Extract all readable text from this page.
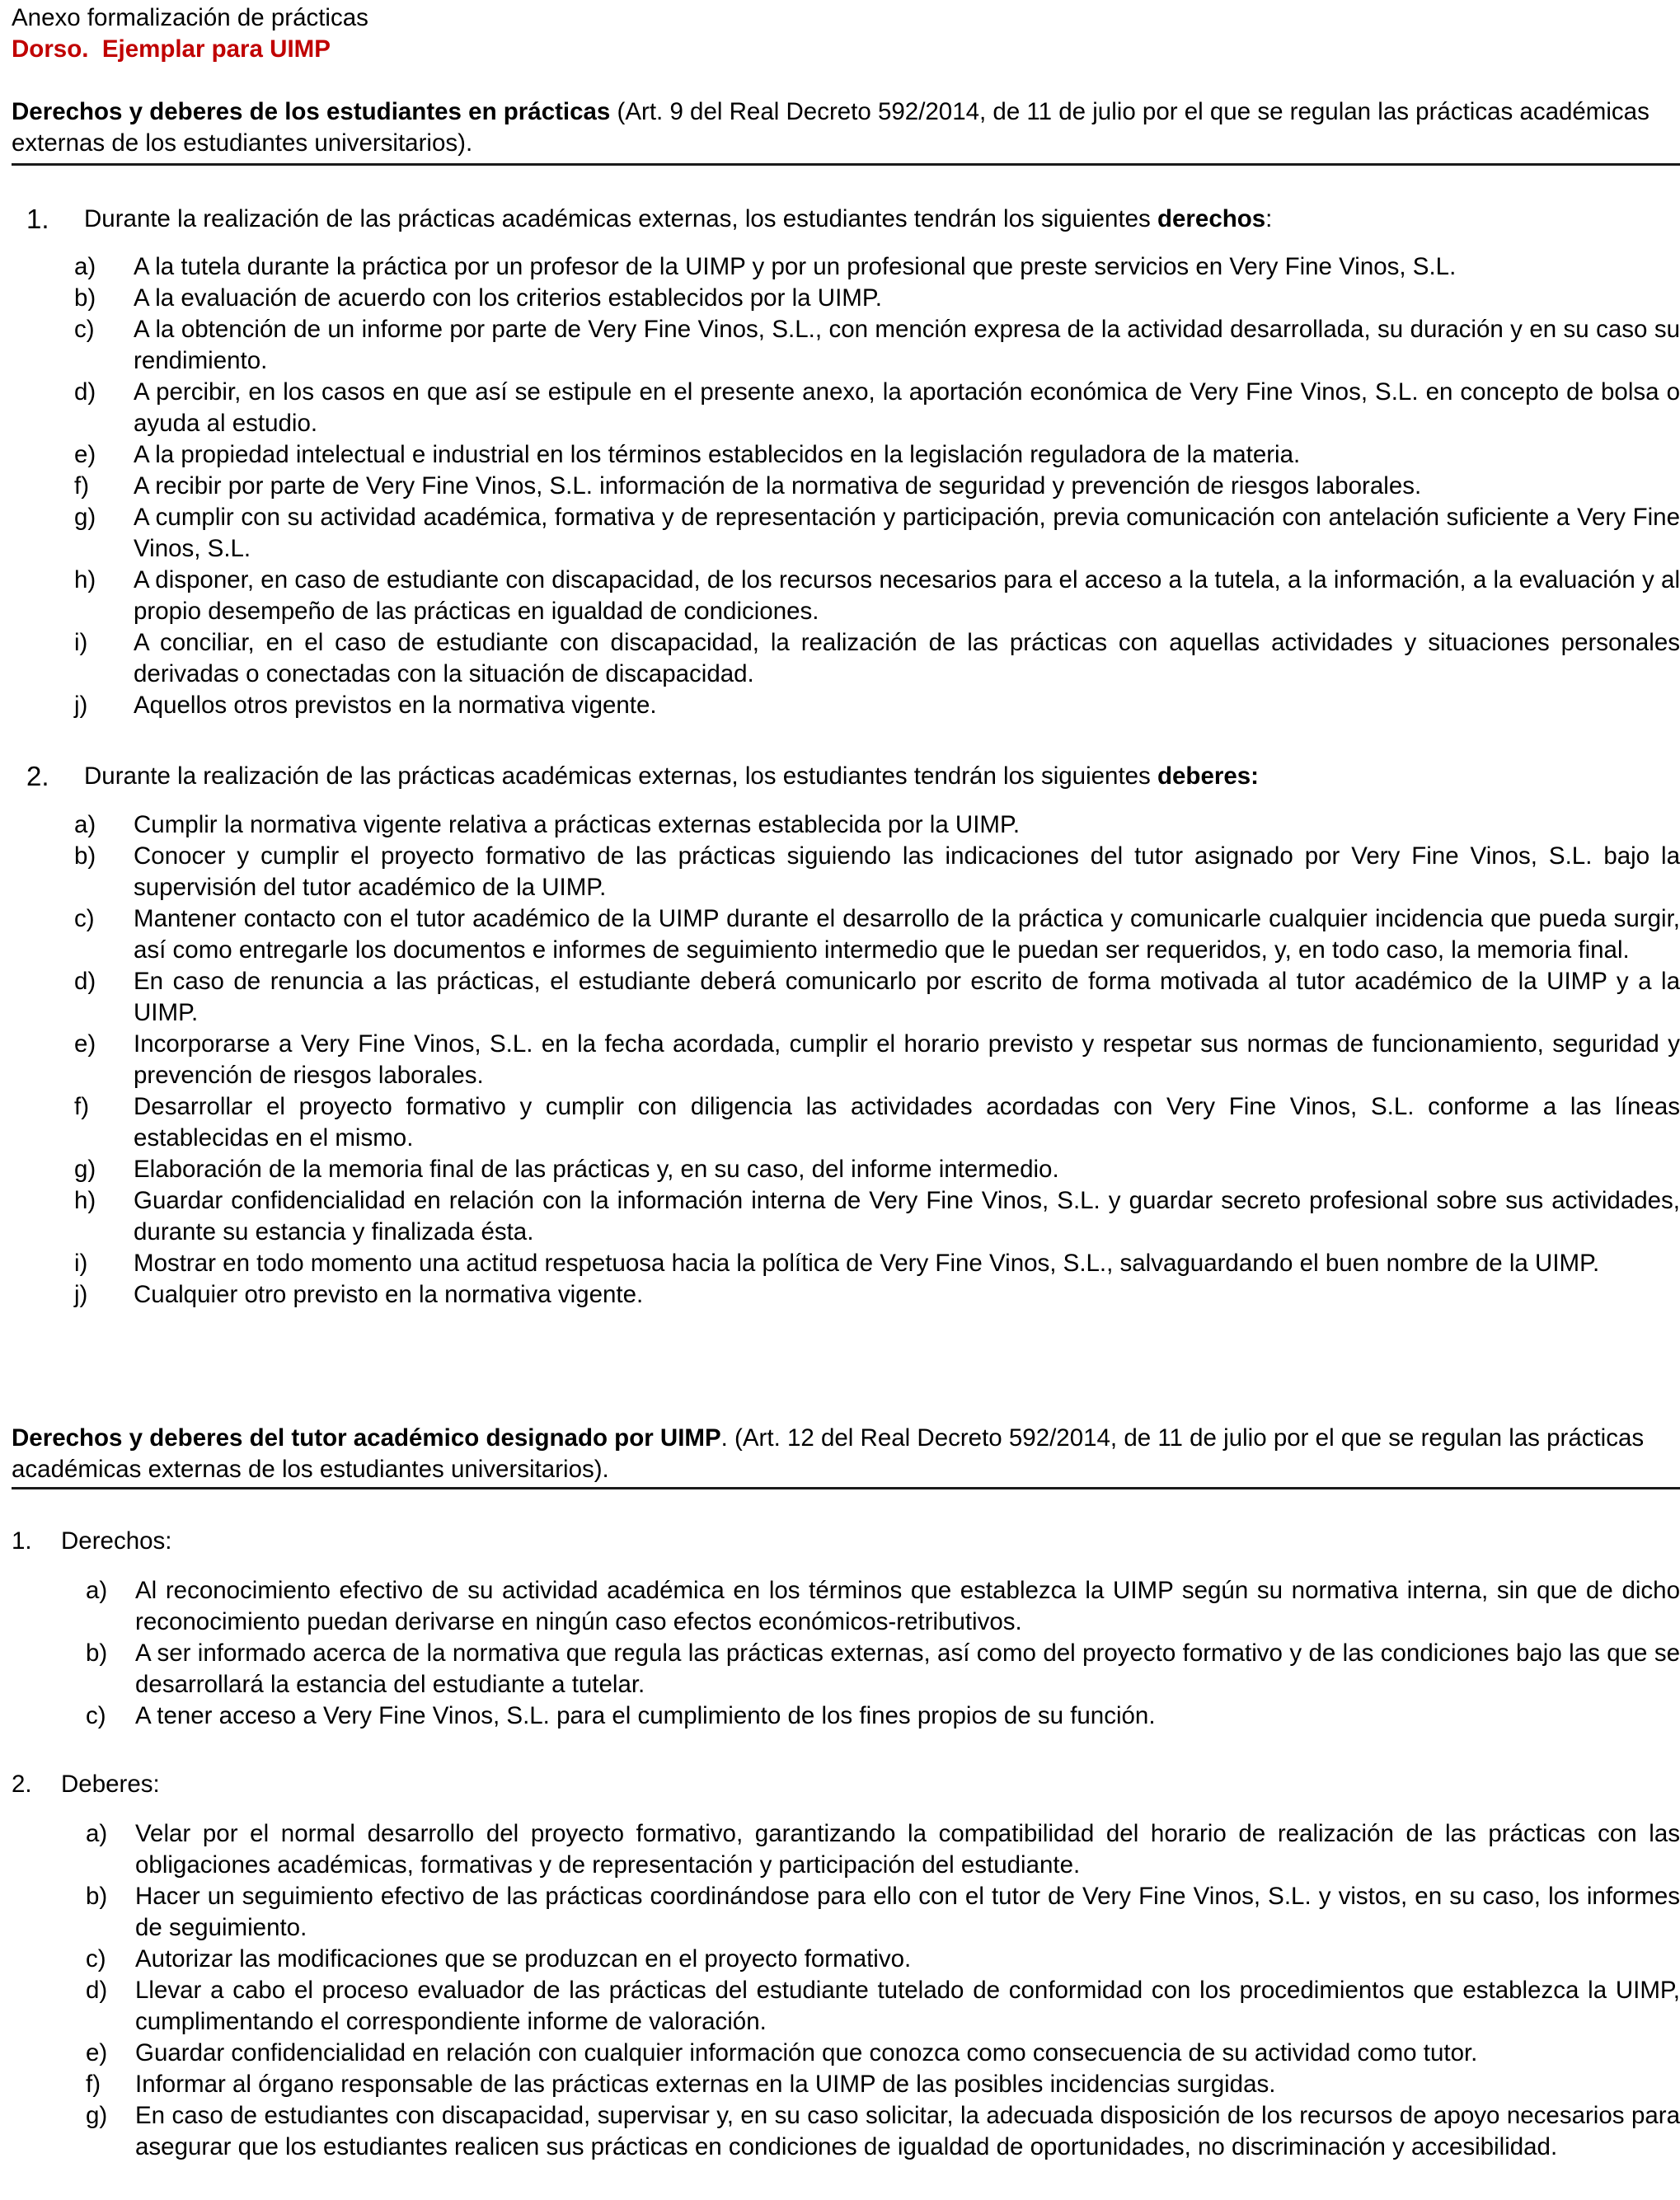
Anexo formalización de prácticas
Dorso.  Ejemplar para UIMP
Derechos y deberes de los estudiantes en prácticas (Art. 9 del Real Decreto 592/2014, de 11 de julio por el que se regulan las prácticas académicas externas de los estudiantes universitarios).
1. Durante la realización de las prácticas académicas externas, los estudiantes tendrán los siguientes derechos:
a) A la tutela durante la práctica por un profesor de la UIMP y por un profesional que preste servicios en Very Fine Vinos, S.L.
b) A la evaluación de acuerdo con los criterios establecidos por la UIMP.
c) A la obtención de un informe por parte de Very Fine Vinos, S.L., con mención expresa de la actividad desarrollada, su duración y en su caso su rendimiento.
d) A percibir, en los casos en que así se estipule en el presente anexo, la aportación económica de Very Fine Vinos, S.L. en concepto de bolsa o ayuda al estudio.
e) A la propiedad intelectual e industrial en los términos establecidos en la legislación reguladora de la materia.
f) A recibir por parte de Very Fine Vinos, S.L. información de la normativa de seguridad y prevención de riesgos laborales.
g) A cumplir con su actividad académica, formativa y de representación y participación, previa comunicación con antelación suficiente a Very Fine Vinos, S.L.
h) A disponer, en caso de estudiante con discapacidad, de los recursos necesarios para el acceso a la tutela, a la información, a la evaluación y al propio desempeño de las prácticas en igualdad de condiciones.
i) A conciliar, en el caso de estudiante con discapacidad, la realización de las prácticas con aquellas actividades y situaciones personales derivadas o conectadas con la situación de discapacidad.
j) Aquellos otros previstos en la normativa vigente.
2. Durante la realización de las prácticas académicas externas, los estudiantes tendrán los siguientes deberes:
a) Cumplir la normativa vigente relativa a prácticas externas establecida por la UIMP.
b) Conocer y cumplir el proyecto formativo de las prácticas siguiendo las indicaciones del tutor asignado por Very Fine Vinos, S.L. bajo la supervisión del tutor académico de la UIMP.
c) Mantener contacto con el tutor académico de la UIMP durante el desarrollo de la práctica y comunicarle cualquier incidencia que pueda surgir, así como entregarle los documentos e informes de seguimiento intermedio que le puedan ser requeridos, y, en todo caso, la memoria final.
d) En caso de renuncia a las prácticas, el estudiante deberá comunicarlo por escrito de forma motivada al tutor académico de la UIMP y a la UIMP.
e) Incorporarse a Very Fine Vinos, S.L. en la fecha acordada, cumplir el horario previsto y respetar sus normas de funcionamiento, seguridad y prevención de riesgos laborales.
f) Desarrollar el proyecto formativo y cumplir con diligencia las actividades acordadas con Very Fine Vinos, S.L. conforme a las líneas establecidas en el mismo.
g) Elaboración de la memoria final de las prácticas y, en su caso, del informe intermedio.
h) Guardar confidencialidad en relación con la información interna de Very Fine Vinos, S.L. y guardar secreto profesional sobre sus actividades, durante su estancia y finalizada ésta.
i) Mostrar en todo momento una actitud respetuosa hacia la política de Very Fine Vinos, S.L., salvaguardando el buen nombre de la UIMP.
j) Cualquier otro previsto en la normativa vigente.
Derechos y deberes del tutor académico designado por UIMP. (Art. 12 del Real Decreto 592/2014, de 11 de julio por el que se regulan las prácticas académicas externas de los estudiantes universitarios).
1. Derechos:
a) Al reconocimiento efectivo de su actividad académica en los términos que establezca la UIMP según su normativa interna, sin que de dicho reconocimiento puedan derivarse en ningún caso efectos económicos-retributivos.
b) A ser informado acerca de la normativa que regula las prácticas externas, así como del proyecto formativo y de las condiciones bajo las que se desarrollará la estancia del estudiante a tutelar.
c) A tener acceso a Very Fine Vinos, S.L. para el cumplimiento de los fines propios de su función.
2. Deberes:
a) Velar por el normal desarrollo del proyecto formativo, garantizando la compatibilidad del horario de realización de las prácticas con las obligaciones académicas, formativas y de representación y participación del estudiante.
b) Hacer un seguimiento efectivo de las prácticas coordinándose para ello con el tutor de Very Fine Vinos, S.L. y vistos, en su caso, los informes de seguimiento.
c) Autorizar las modificaciones que se produzcan en el proyecto formativo.
d) Llevar a cabo el proceso evaluador de las prácticas del estudiante tutelado de conformidad con los procedimientos que establezca la UIMP, cumplimentando el correspondiente informe de valoración.
e) Guardar confidencialidad en relación con cualquier información que conozca como consecuencia de su actividad como tutor.
f) Informar al órgano responsable de las prácticas externas en la UIMP de las posibles incidencias surgidas.
g) En caso de estudiantes con discapacidad, supervisar y, en su caso solicitar, la adecuada disposición de los recursos de apoyo necesarios para asegurar que los estudiantes realicen sus prácticas en condiciones de igualdad de oportunidades, no discriminación y accesibilidad.
